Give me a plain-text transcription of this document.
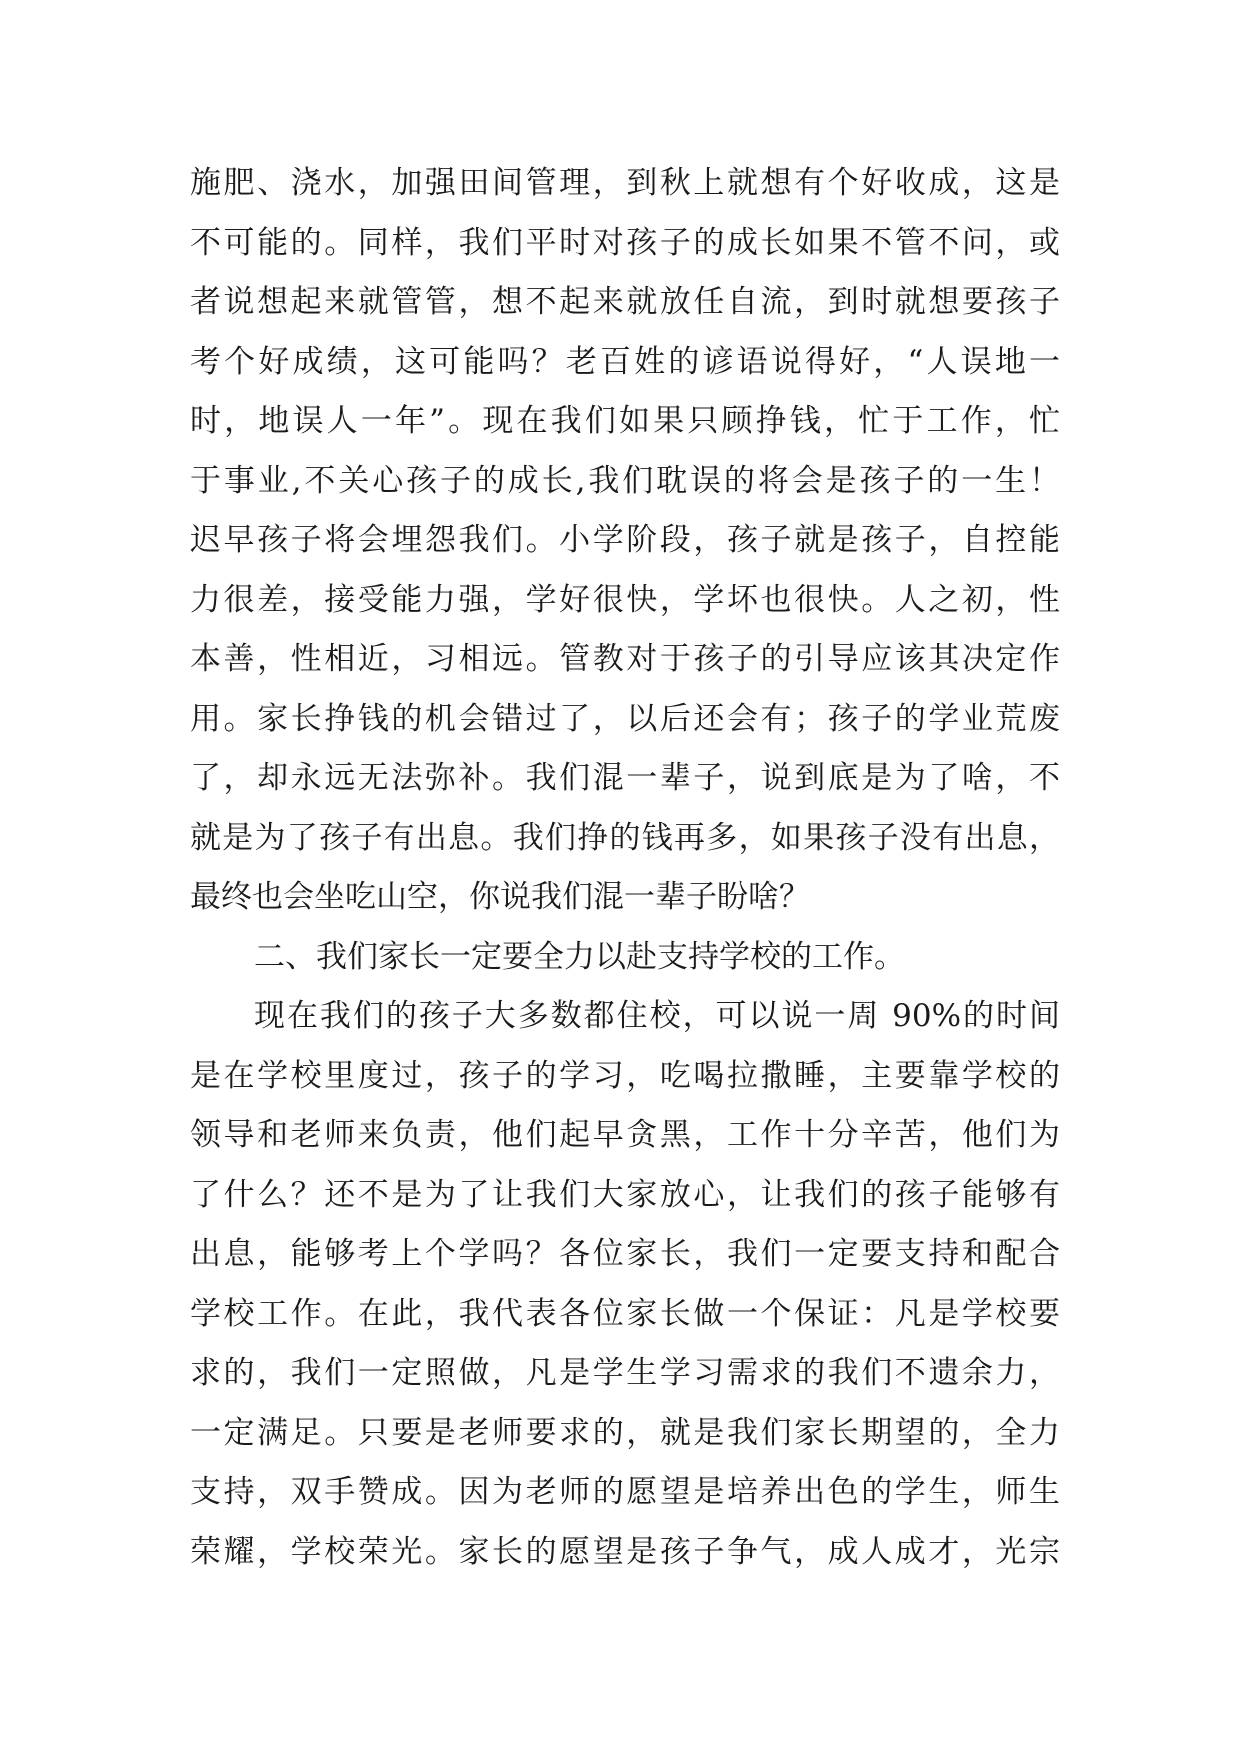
施肥、浇水，加强田间管理，到秋上就想有个好收成，这是
不可能的。同样，我们平时对孩子的成长如果不管不问，或
者说想起来就管管，想不起来就放任自流，到时就想要孩子
考个好成绩，这可能吗？老百姓的谚语说得好，“人误地一
时，地误人一年”。现在我们如果只顾挣钱，忙于工作，忙
于事业,不关心孩子的成长,我们耽误的将会是孩子的一生！
迟早孩子将会埋怨我们。小学阶段，孩子就是孩子，自控能
力很差，接受能力强，学好很快，学坏也很快。人之初，性
本善，性相近，习相远。管教对于孩子的引导应该其决定作
用。家长挣钱的机会错过了，以后还会有；孩子的学业荒废
了，却永远无法弥补。我们混一辈子，说到底是为了啥，不
就是为了孩子有出息。我们挣的钱再多，如果孩子没有出息，
最终也会坐吃山空，你说我们混一辈子盼啥？
二、我们家长一定要全力以赴支持学校的工作。
现在我们的孩子大多数都住校，可以说一周 90%的时间
是在学校里度过，孩子的学习，吃喝拉撒睡，主要靠学校的
领导和老师来负责，他们起早贪黑，工作十分辛苦，他们为
了什么？还不是为了让我们大家放心，让我们的孩子能够有
出息，能够考上个学吗？各位家长，我们一定要支持和配合
学校工作。在此，我代表各位家长做一个保证：凡是学校要
求的，我们一定照做，凡是学生学习需求的我们不遗余力，
一定满足。只要是老师要求的，就是我们家长期望的，全力
支持，双手赞成。因为老师的愿望是培养出色的学生，师生
荣耀，学校荣光。家长的愿望是孩子争气，成人成才，光宗
